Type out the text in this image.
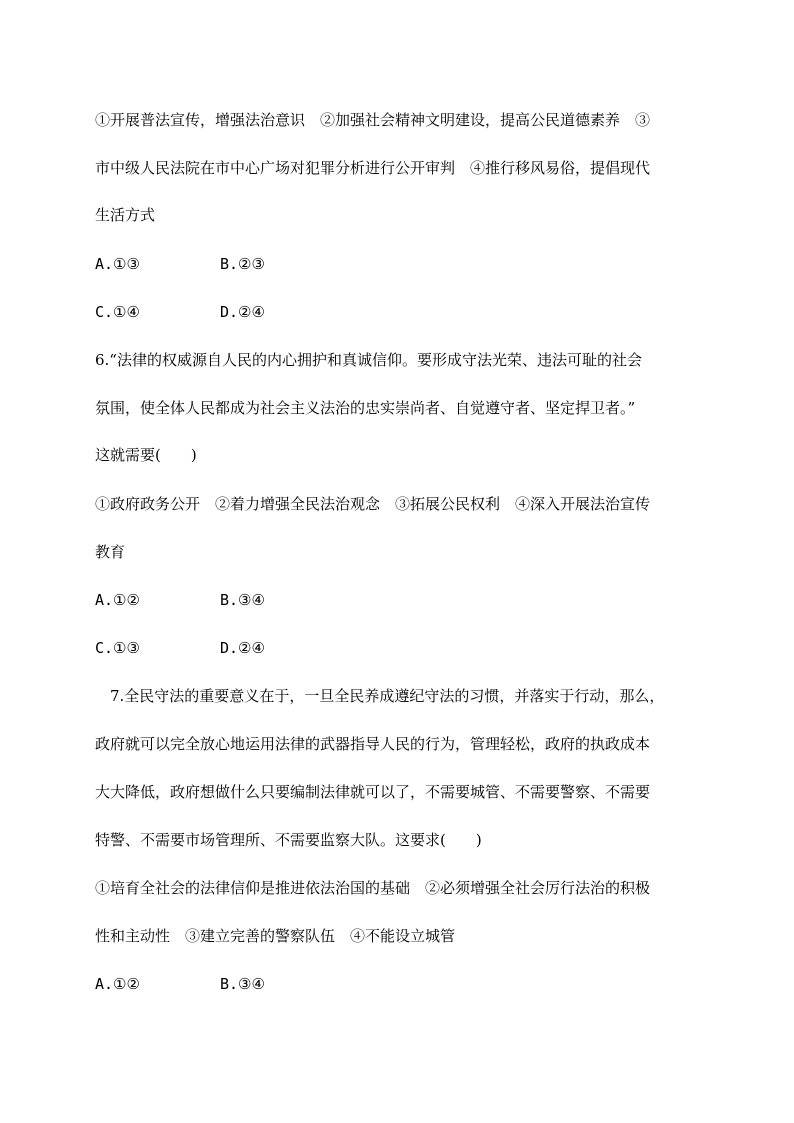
①开展普法宣传，增强法治意识　②加强社会精神文明建设，提高公民道德素养　③
市中级人民法院在市中心广场对犯罪分析进行公开审判　④推行移风易俗，提倡现代
生活方式
A.①③	B.②③
C.①④	D.②④
6.“法律的权威源自人民的内心拥护和真诚信仰。要形成守法光荣、违法可耻的社会
氛围，使全体人民都成为社会主义法治的忠实崇尚者、自觉遵守者、坚定捍卫者。”
这就需要(　　)
①政府政务公开　②着力增强全民法治观念　③拓展公民权利　④深入开展法治宣传
教育
A.①②	B.③④
C.①③	D.②④
　7.全民守法的重要意义在于，一旦全民养成遵纪守法的习惯，并落实于行动，那么，
政府就可以完全放心地运用法律的武器指导人民的行为，管理轻松，政府的执政成本
大大降低，政府想做什么只要编制法律就可以了，不需要城管、不需要警察、不需要
特警、不需要市场管理所、不需要监察大队。这要求(　　)
①培育全社会的法律信仰是推进依法治国的基础　②必须增强全社会厉行法治的积极
性和主动性　③建立完善的警察队伍　④不能设立城管
A.①②	B.③④
